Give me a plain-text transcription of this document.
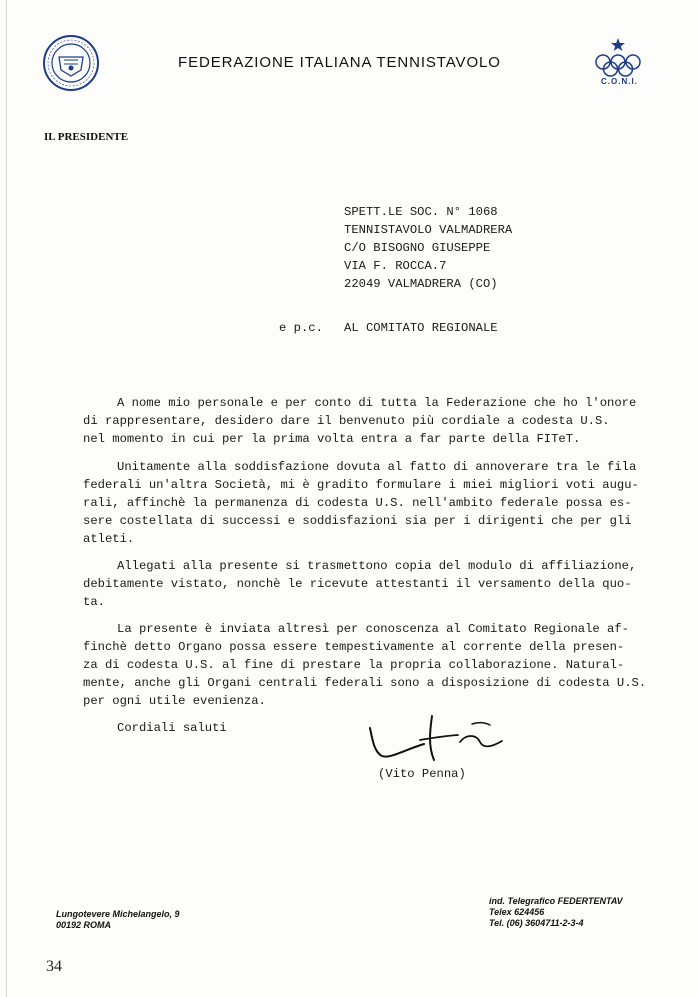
FEDERAZIONE ITALIANA TENNISTAVOLO
C.O.N.I.
IL PRESIDENTE
SPETT.LE SOC. N° 1068
TENNISTAVOLO VALMADRERA
C/O BISOGNO GIUSEPPE
VIA F. ROCCA.7
22049 VALMADRERA (CO)
e p.c. AL COMITATO REGIONALE
A nome mio personale e per conto di tutta la Federazione che ho l'onore
di rappresentare, desidero dare il benvenuto più cordiale a codesta U.S.
nel momento in cui per la prima volta entra a far parte della FITeT.
Unitamente alla soddisfazione dovuta al fatto di annoverare tra le fila
federali un'altra Società, mi è gradito formulare i miei migliori voti augu-
rali, affinchè la permanenza di codesta U.S. nell'ambito federale possa es-
sere costellata di successi e soddisfazioni sia per i dirigenti che per gli
atleti.
Allegati alla presente si trasmettono copia del modulo di affiliazione,
debitamente vistato, nonchè le ricevute attestanti il versamento della quo-
ta.
La presente è inviata altresì per conoscenza al Comitato Regionale af-
finchè detto Organo possa essere tempestivamente al corrente della presen-
za di codesta U.S. al fine di prestare la propria collaborazione. Natural-
mente, anche gli Organi centrali federali sono a disposizione di codesta U.S.
per ogni utile evenienza.
Cordiali saluti
(Vito Penna)
Lungotevere Michelangelo, 9
00192 ROMA
ind. Telegrafico FEDERTENTAV
Telex 624456
Tel. (06) 3604711-2-3-4
34
